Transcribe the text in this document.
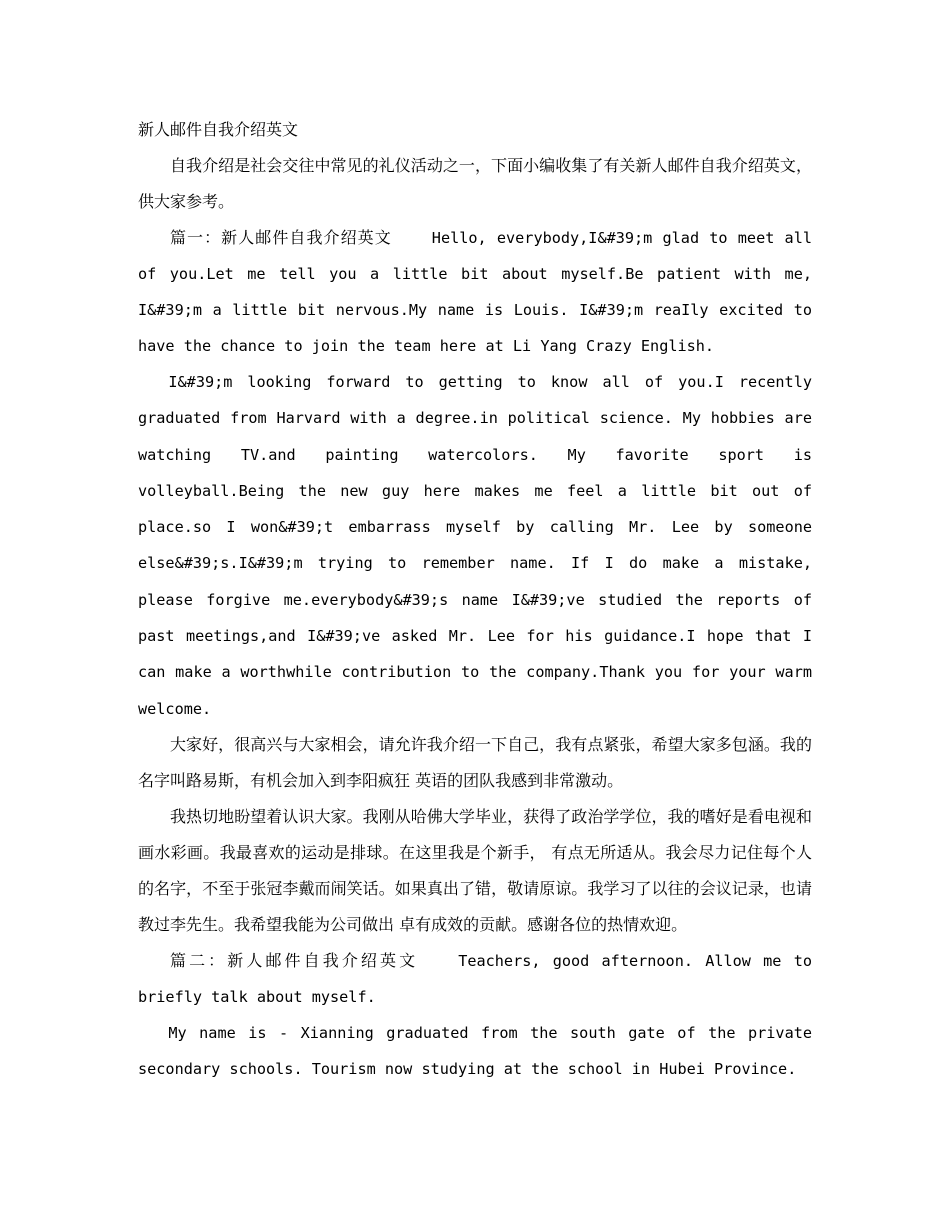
新人邮件自我介绍英文

自我介绍是社会交往中常见的礼仪活动之一，下面小编收集了有关新人邮件自我介绍英文，供大家参考。

篇一：新人邮件自我介绍英文	Hello, everybody,I&#39;m glad to meet all of you.Let me tell you a little bit about myself.Be patient with me, I&#39;m a little bit nervous.My name is Louis. I&#39;m reaIly excited to have the chance to join the team here at Li Yang Crazy English.

I&#39;m looking forward to getting to know all of you.I recently graduated from Harvard with a degree.in political science. My hobbies are watching TV.and painting watercolors. My favorite sport is volleyball.Being the new guy here makes me feel a little bit out of place.so I won&#39;t embarrass myself by calling Mr. Lee by someone else&#39;s.I&#39;m trying to remember name. If I do make a mistake, please forgive me.everybody&#39;s name I&#39;ve studied the reports of past meetings,and I&#39;ve asked Mr. Lee for his guidance.I hope that I can make a worthwhile contribution to the company.Thank you for your warm welcome.

大家好，很高兴与大家相会，请允许我介绍一下自己，我有点紧张，希望大家多包涵。我的名字叫路易斯，有机会加入到李阳疯狂 英语的团队我感到非常激动。

我热切地盼望着认识大家。我刚从哈佛大学毕业，获得了政治学学位，我的嗜好是看电视和画水彩画。我最喜欢的运动是排球。在这里我是个新手， 有点无所适从。我会尽力记住每个人的名字，不至于张冠李戴而闹笑话。如果真出了错，敬请原谅。我学习了以往的会议记录，也请教过李先生。我希望我能为公司做出 卓有成效的贡献。感谢各位的热情欢迎。

篇二：新人邮件自我介绍英文	Teachers, good afternoon. Allow me to briefly talk about myself.

My name is - Xianning graduated from the south gate of the private secondary schools. Tourism now studying at the school in Hubei Province.
